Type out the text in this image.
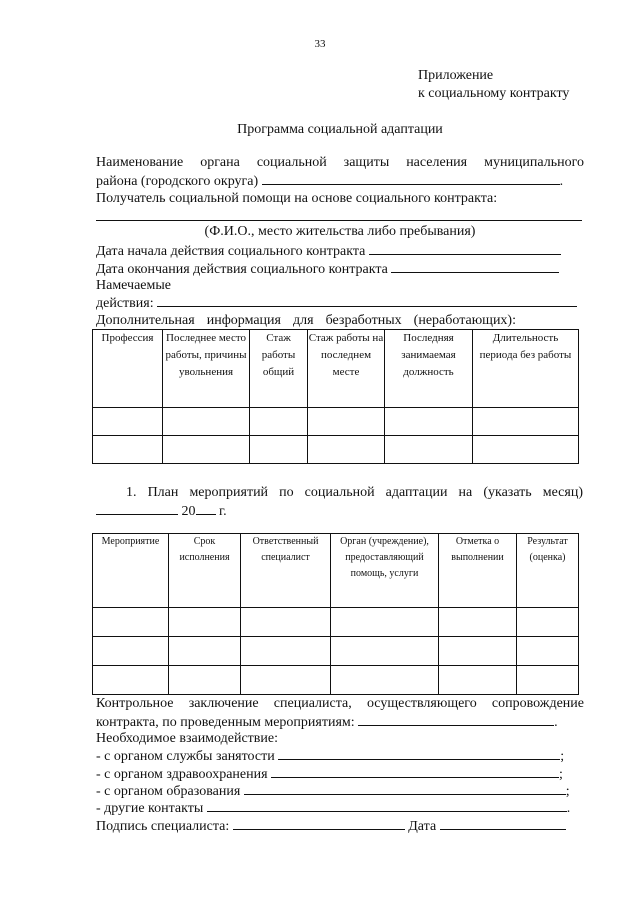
33
Приложение
к социальному контракту
Программа социальной адаптации
Наименование органа социальной защиты населения муниципального
района (городского округа)	.
Получатель социальной помощи на основе социального контракта:
(Ф.И.О., место жительства либо пребывания)
Дата начала действия социального контракта
Дата окончания действия социального контракта
Намечаемые
действия:
Дополнительная информация для безработных (неработающих):
Профессия	Последнее место работы, причины увольнения	Стаж работы общий	Стаж работы на последнем месте	Последняя занимаемая должность	Длительность периода без работы

1. План мероприятий по социальной адаптации на (указать месяц)
20 г.
Мероприятие	Срок исполнения	Ответственный специалист	Орган (учреждение), предоставляющий помощь, услуги	Отметка о выполнении	Результат (оценка)

Контрольное заключение специалиста, осуществляющего сопровождение
контракта, по проведенным мероприятиям:	.
Необходимое взаимодействие:
- с органом службы занятости	;
- с органом здравоохранения	;
- с органом образования	;
- другие контакты	.
Подпись специалиста:	Дата
